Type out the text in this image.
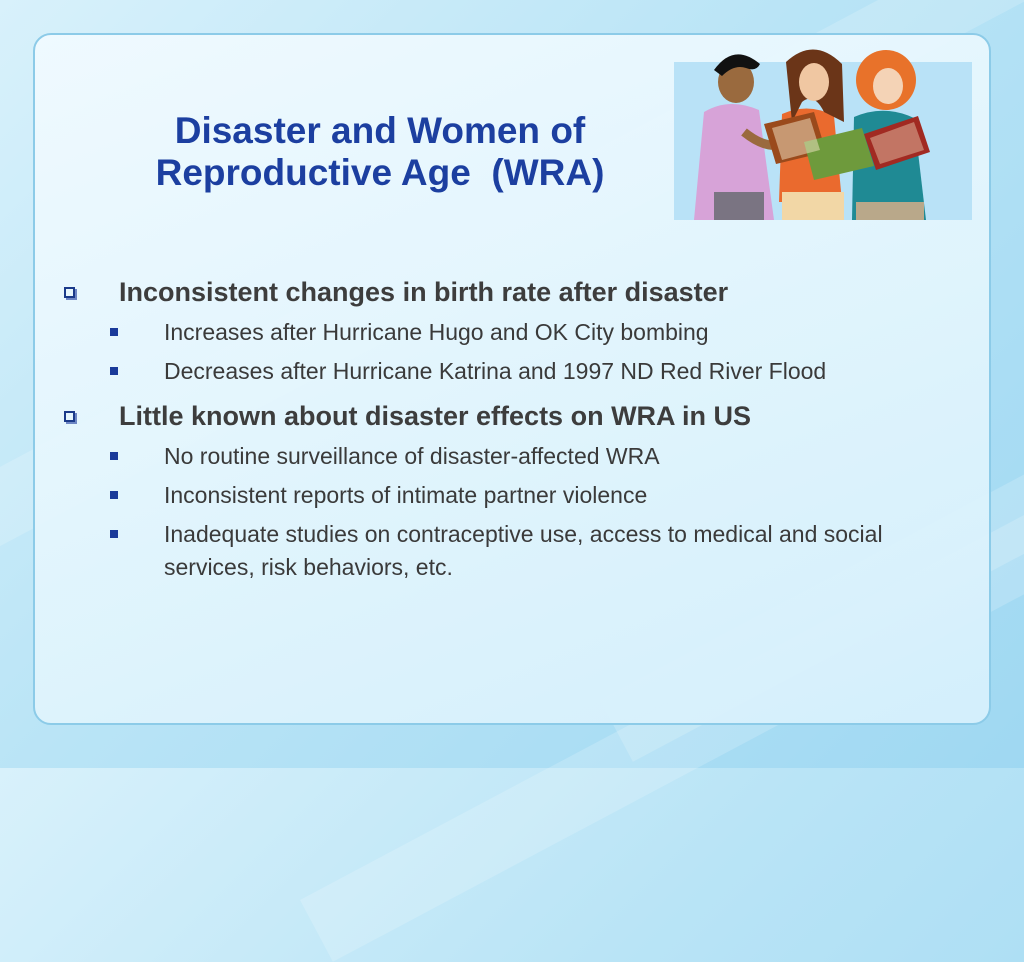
Disaster and Women of
Reproductive Age  (WRA)
Inconsistent changes in birth rate after disaster
Increases after Hurricane Hugo and OK City bombing
Decreases after Hurricane Katrina and 1997 ND Red River Flood
Little known about disaster effects on WRA in US
No routine surveillance of disaster-affected WRA
Inconsistent reports of intimate partner violence
Inadequate studies on contraceptive use, access to medical and social services, risk behaviors, etc.
